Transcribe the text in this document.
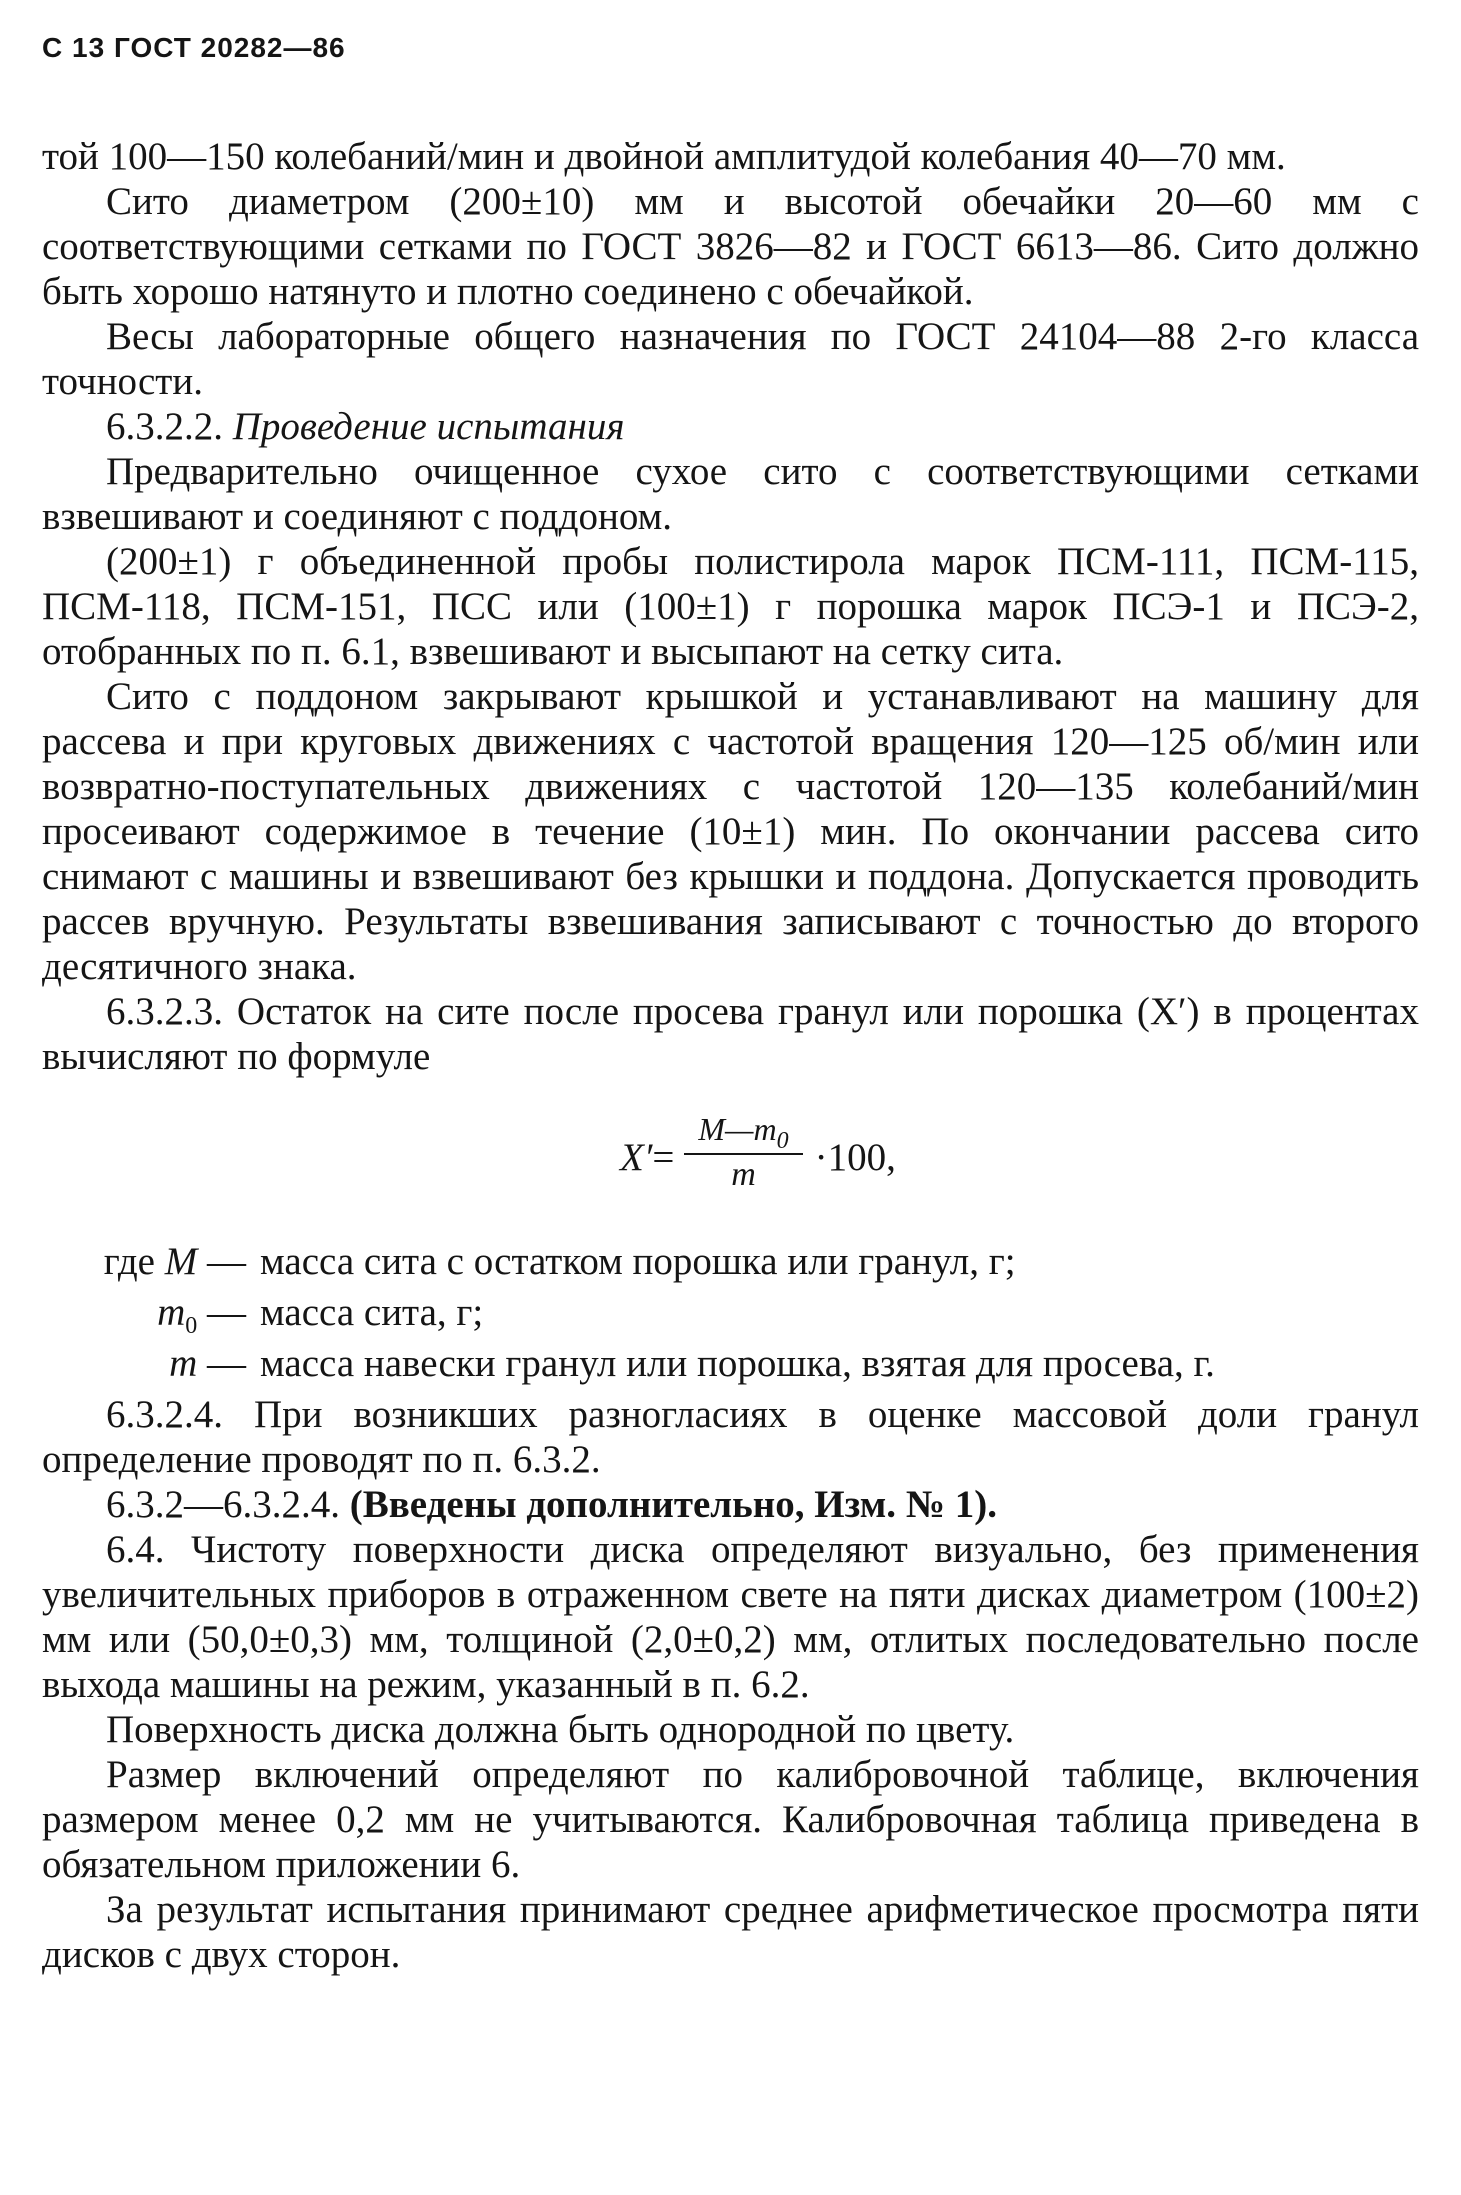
С 13 ГОСТ 20282—86

той 100—150 колебаний/мин и двойной амплитудой колебания 40—70 мм.

Сито диаметром (200±10) мм и высотой обечайки 20—60 мм с соответствующими сетками по ГОСТ 3826—82 и ГОСТ 6613—86. Сито должно быть хорошо натянуто и плотно соединено с обечайкой.

Весы лабораторные общего назначения по ГОСТ 24104—88 2-го класса точности.

6.3.2.2. Проведение испытания

Предварительно очищенное сухое сито с соответствующими сетками взвешивают и соединяют с поддоном.

(200±1) г объединенной пробы полистирола марок ПСМ-111, ПСМ-115, ПСМ-118, ПСМ-151, ПСС или (100±1) г порошка марок ПСЭ-1 и ПСЭ-2, отобранных по п. 6.1, взвешивают и высыпают на сетку сита.

Сито с поддоном закрывают крышкой и устанавливают на машину для рассева и при круговых движениях с частотой вращения 120—125 об/мин или возвратно-поступательных движениях с частотой 120—135 колебаний/мин просеивают содержимое в течение (10±1) мин. По окончании рассева сито снимают с машины и взвешивают без крышки и поддона. Допускается проводить рассев вручную. Результаты взвешивания записывают с точностью до второго десятичного знака.

6.3.2.3. Остаток на сите после просева гранул или порошка (X′) в процентах вычисляют по формуле

$X' = \frac{M—m_0}{m} \cdot 100$,
где M — масса сита с остатком порошка или гранул, г;
$m_0$ — масса сита, г;
m — масса навески гранул или порошка, взятая для просева, г.

6.3.2.4. При возникших разногласиях в оценке массовой доли гранул определение проводят по п. 6.3.2.

6.3.2—6.3.2.4. (Введены дополнительно, Изм. № 1).

6.4. Чистоту поверхности диска определяют визуально, без применения увеличительных приборов в отраженном свете на пяти дисках диаметром (100±2) мм или (50,0±0,3) мм, толщиной (2,0±0,2) мм, отлитых последовательно после выхода машины на режим, указанный в п. 6.2.

Поверхность диска должна быть однородной по цвету.

Размер включений определяют по калибровочной таблице, включения размером менее 0,2 мм не учитываются. Калибровочная таблица приведена в обязательном приложении 6.

За результат испытания принимают среднее арифметическое просмотра пяти дисков с двух сторон.
